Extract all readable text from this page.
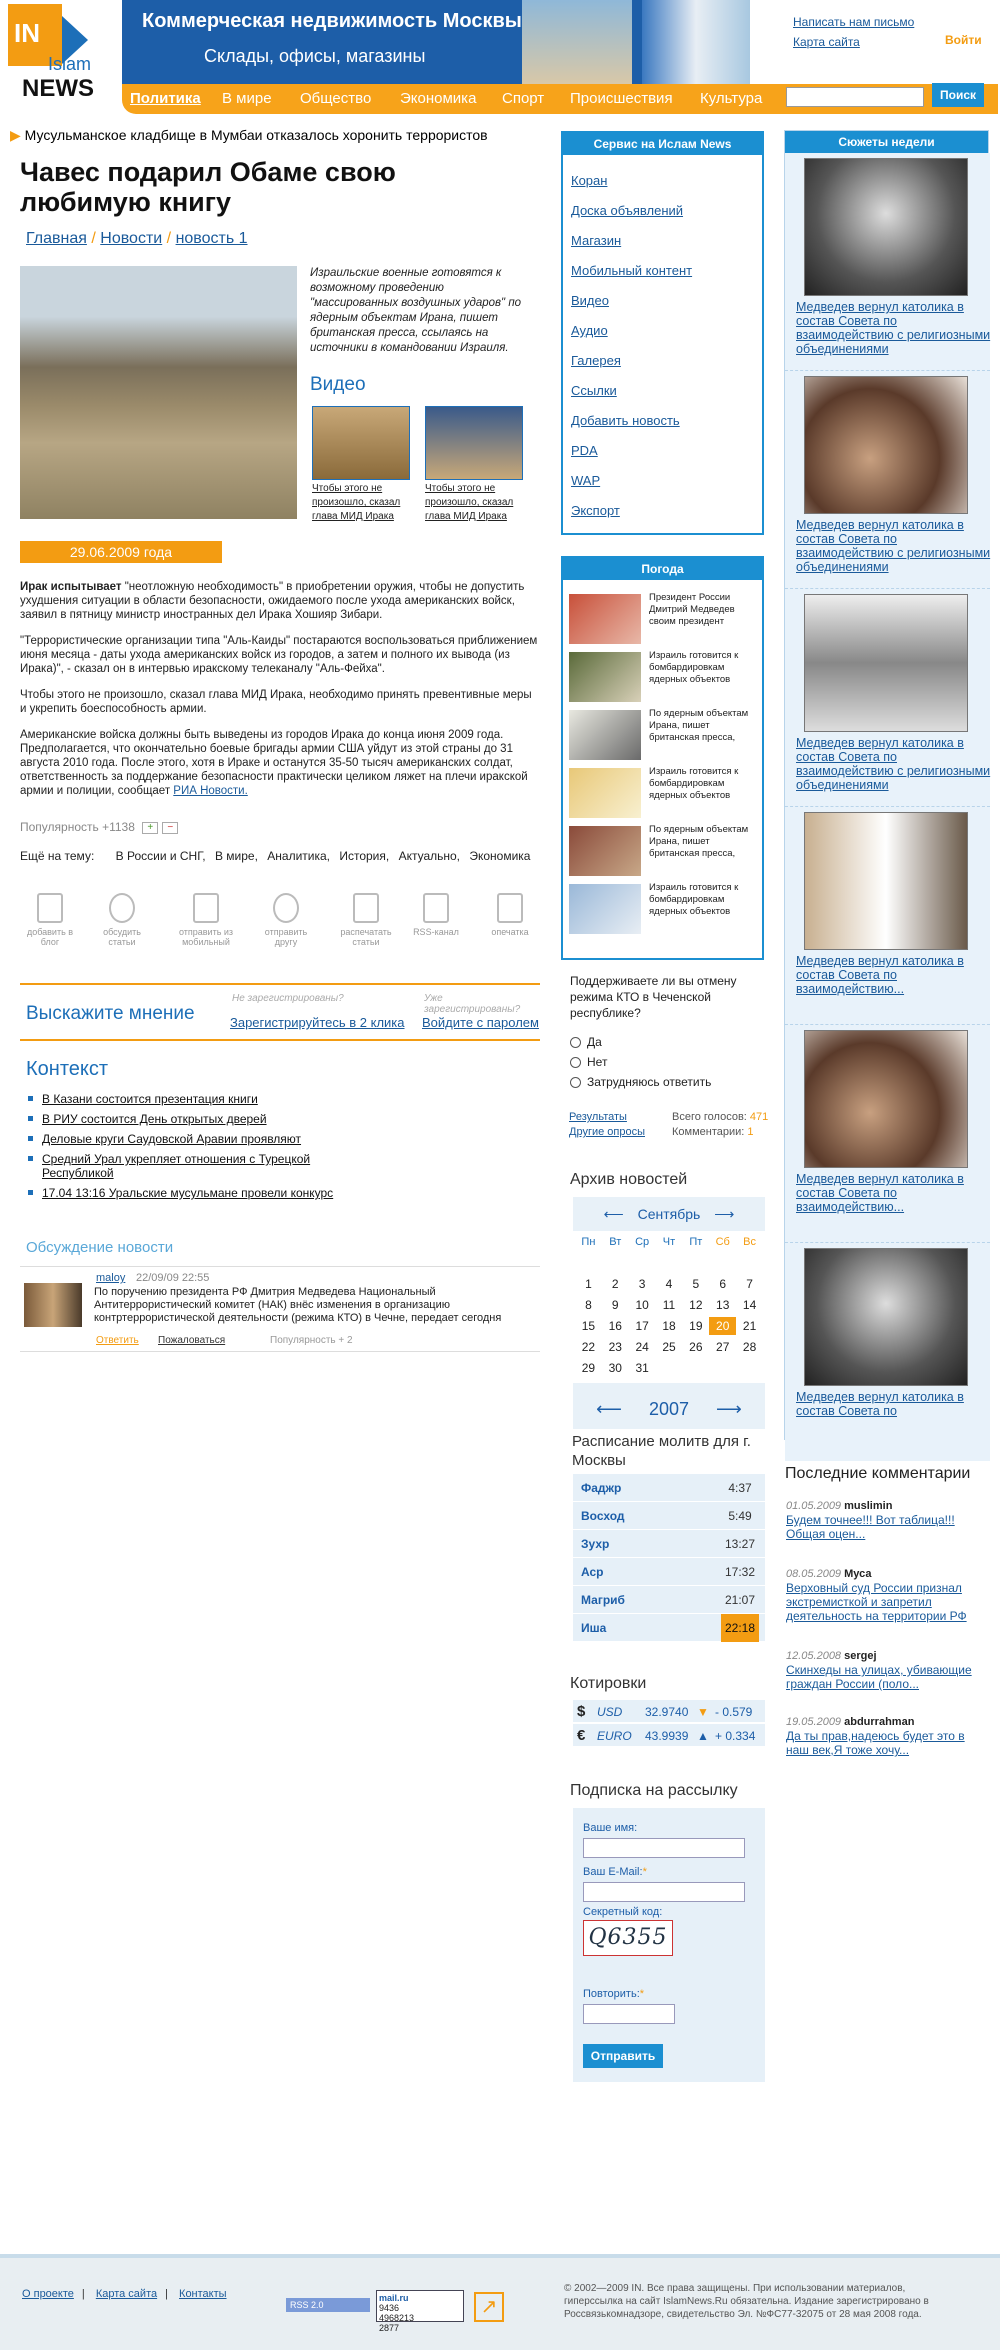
IN
Islam
NEWS
Коммерческая недвижимость Москвы
Склады, офисы, магазины
Написать нам письмо
Карта сайта	Войти
Политика В мире Общество Экономика Спорт Происшествия Культура	Поиск
▶ Мусульманское кладбище в Мумбаи отказалось хоронить террористов
Чавес подарил Обаме свою любимую книгу
Главная / Новости / новость 1
Израильские военные готовятся к возможному проведению "массированных воздушных ударов" по ядерным объектам Ирана, пишет британская пресса, ссылаясь на источники в командовании Израиля.
Видео
Чтобы этого не произошло, сказал глава МИД Ирака
Чтобы этого не произошло, сказал глава МИД Ирака
29.06.2009 года

Ирак испытывает "неотложную необходимость" в приобретении оружия, чтобы не допустить ухудшения ситуации в области безопасности, ожидаемого после ухода американских войск, заявил в пятницу министр иностранных дел Ирака Хошияр Зибари.

"Террористические организации типа "Аль-Каиды" постараются воспользоваться приближением июня месяца - даты ухода американских войск из городов, а затем и полного их вывода (из Ирака)", - сказал он в интервью иракскому телеканалу "Аль-Фейха".

Чтобы этого не произошло, сказал глава МИД Ирака, необходимо принять превентивные меры и укрепить боеспособность армии.

Американские войска должны быть выведены из городов Ирака до конца июня 2009 года. Предполагается, что окончательно боевые бригады армии США уйдут из этой страны до 31 августа 2010 года. После этого, хотя в Ираке и останутся 35-50 тысяч американских солдат, ответственность за поддержание безопасности практически целиком ляжет на плечи иракской армии и полиции, сообщает РИА Новости.

Популярность +1138 + −
Ещё на тему: В России и СНГ, В мире, Аналитика, История, Актуально, Экономика
добавить в блог
обсудить статьи
отправить из мобильный
отправить другу
распечатать статьи
RSS-канал	опечатка
Выскажите мнение
Не зарегистрированы?	Уже зарегистрированы?
Зарегистрируйтесь в 2 клика Войдите с паролем
Контекст
В Казани состоится презентация книги
В РИУ состоится День открытых дверей
Деловые круги Саудовской Аравии проявляют
Средний Урал укрепляет отношения с Турецкой Республикой
17.04 13:16 Уральские мусульмане провели конкурс
Обсуждение новости
maloy 22/09/09 22:55
По поручению президента РФ Дмитрия Медведева Национальный Антитеррористический комитет (НАК) внёс изменения в организацию контртеррористической деятельности (режима КТО) в Чечне, передает сегодня
Ответить Пожаловаться	Популярность + 2
Сервис на Ислам News
Коран
Доска объявлений
Магазин
Мобильный контент
Видео
Аудио
Галерея
Ссылки
Добавить новость
PDA
WAP
Экспорт
Погода
Президент России Дмитрий Медведев своим президент
Израиль готовится к бомбардировкам ядерных объектов
По ядерным объектам Ирана, пишет британская пресса,
Израиль готовится к бомбардировкам ядерных объектов
По ядерным объектам Ирана, пишет британская пресса,
Израиль готовится к бомбардировкам ядерных объектов
Поддерживаете ли вы отмену режима КТО в Чеченской республике?
Да
Нет
Затрудняюсь ответить
Результаты
Другие опросы
Всего голосов: 471
Комментарии: 1
Архив новостей
⟵ Сентябрь ⟶
Пн	Вт	Ср	Чт	Пт	Сб	Вс
1	2	3	4	5	6	7
8	9	10	11	12	13	14
15	16	17	18	19	20	21
22	23	24	25	26	27	28
29	30	31
⟵ 2007 ⟶
Расписание молитв для г. Москвы
Фаджр	4:37
Восход	5:49
Зухр	13:27
Аср	17:32
Магриб	21:07
Иша	22:18
Котировки
$ USD 32.9740 ▼ - 0.579
€ EURO 43.9939 ▲ + 0.334
Подписка на рассылку
Ваше имя:
Ваш E-Mail:*
Секретный код:
Q6355
Повторить:*
Отправить
Сюжеты недели
Медведев вернул католика в состав Совета по взаимодействию с религиозными объединениями
Медведев вернул католика в состав Совета по взаимодействию с религиозными объединениями
Медведев вернул католика в состав Совета по взаимодействию с религиозными объединениями
Медведев вернул католика в состав Совета по взаимодействию...
Медведев вернул католика в состав Совета по взаимодействию...
Медведев вернул католика в состав Совета по
Последние комментарии
01.05.2009 muslimin
Будем точнее!!! Вот таблица!!! Общая оцен...
08.05.2009 Муса
Верховный суд России признал экстремисткой и запретил деятельность на территории РФ
12.05.2008 sergej
Скинхеды на улицах, убивающие граждан России (поло...
19.05.2009 abdurrahman
Да ты прав,надеюсь будет это в наш век,Я тоже хочу...
О проекте | Карта сайта | Контакты
RSS 2.0
mail.ru
9436
4968213
2877
↗
© 2002—2009 IN. Все права защищены. При использовании материалов, гиперссылка на сайт IslamNews.Ru обязательна. Издание зарегистрировано в Россвязькомнадзоре, свидетельство Эл. №ФС77-32075 от 28 мая 2008 года.
